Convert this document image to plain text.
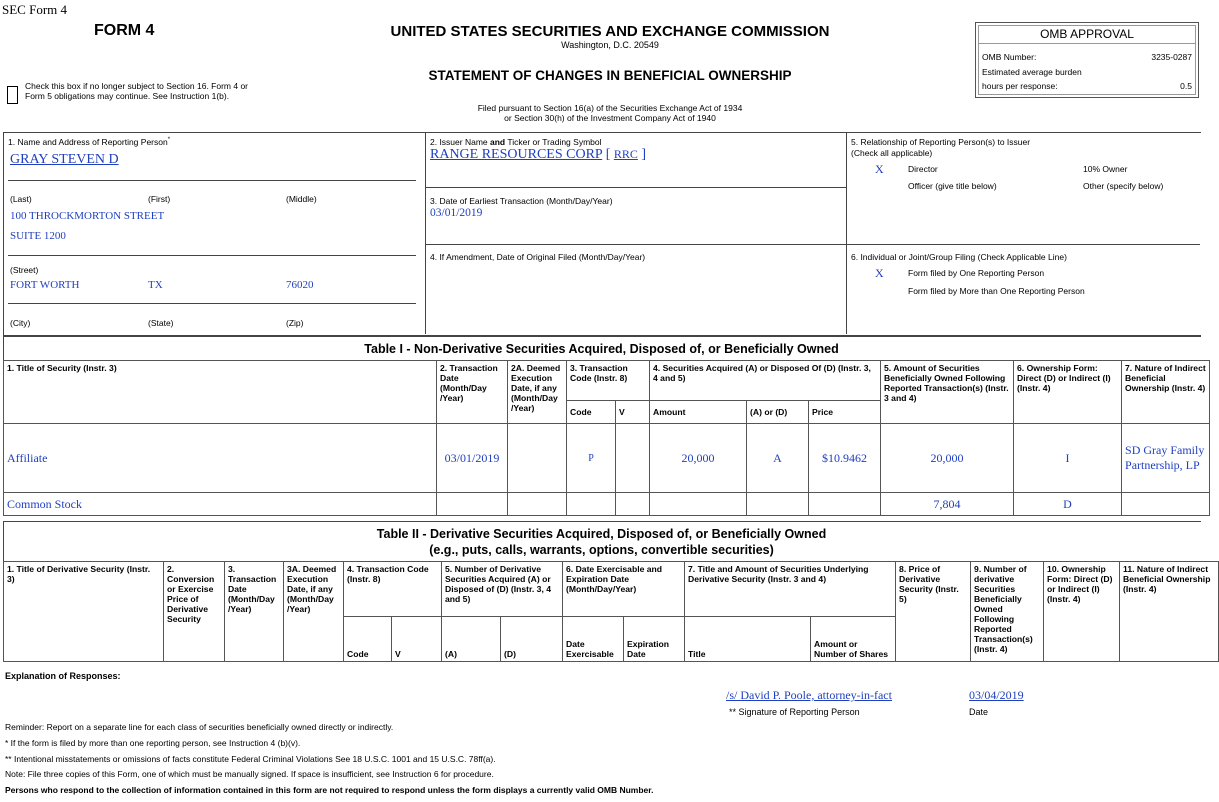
SEC Form 4
FORM 4
Check this box if no longer subject to Section 16. Form 4 or Form 5 obligations may continue. See Instruction 1(b).
UNITED STATES SECURITIES AND EXCHANGE COMMISSION
Washington, D.C. 20549
STATEMENT OF CHANGES IN BENEFICIAL OWNERSHIP
Filed pursuant to Section 16(a) of the Securities Exchange Act of 1934
or Section 30(h) of the Investment Company Act of 1940
OMB APPROVAL
OMB Number:	3235-0287
Estimated average burden
hours per response:	0.5
1. Name and Address of Reporting Person*
GRAY STEVEN D
(Last)	(First)	(Middle)
100 THROCKMORTON STREET
SUITE 1200
(Street)
FORT WORTH	TX	76020
(City)	(State)	(Zip)
2. Issuer Name and Ticker or Trading Symbol
RANGE RESOURCES CORP [ RRC ]
3. Date of Earliest Transaction (Month/Day/Year)
03/01/2019
4. If Amendment, Date of Original Filed (Month/Day/Year)
5. Relationship of Reporting Person(s) to Issuer
(Check all applicable)
X	Director	10% Owner
Officer (give title below)	Other (specify below)
6. Individual or Joint/Group Filing (Check Applicable Line)
X	Form filed by One Reporting Person
Form filed by More than One Reporting Person
Table I - Non-Derivative Securities Acquired, Disposed of, or Beneficially Owned
1. Title of Security (Instr. 3)	2. Transaction Date (Month/Day /Year)	2A. Deemed Execution Date, if any (Month/Day /Year)	3. Transaction Code (Instr. 8)		4. Securities Acquired (A) or Disposed Of (D) (Instr. 3, 4 and 5)			5. Amount of Securities Beneficially Owned Following Reported Transaction(s) (Instr. 3 and 4)	6. Ownership Form: Direct (D) or Indirect (I) (Instr. 4)	7. Nature of Indirect Beneficial Ownership (Instr. 4)
			Code	V	Amount	(A) or (D)	Price			
Affiliate	03/01/2019		P		20,000	A	$10.9462	20,000	I	SD Gray Family Partnership, LP
Common Stock								7,804	D	
Table II - Derivative Securities Acquired, Disposed of, or Beneficially Owned
(e.g., puts, calls, warrants, options, convertible securities)
1. Title of Derivative Security (Instr. 3)	2. Conversion or Exercise Price of Derivative Security	3. Transaction Date (Month/Day /Year)	3A. Deemed Execution Date, if any (Month/Day /Year)	4. Transaction Code (Instr. 8)		5. Number of Derivative Securities Acquired (A) or Disposed of (D) (Instr. 3, 4 and 5)		6. Date Exercisable and Expiration Date (Month/Day/Year)		7. Title and Amount of Securities Underlying Derivative Security (Instr. 3 and 4)		8. Price of Derivative Security (Instr. 5)	9. Number of derivative Securities Beneficially Owned Following Reported Transaction(s) (Instr. 4)	10. Ownership Form: Direct (D) or Indirect (I) (Instr. 4)	11. Nature of Indirect Beneficial Ownership (Instr. 4)
				Code	V	(A)	(D)	Date Exercisable	Expiration Date	Title	Amount or Number of Shares				
Explanation of Responses:
/s/ David P. Poole, attorney-in-fact	03/04/2019
** Signature of Reporting Person	Date
Reminder: Report on a separate line for each class of securities beneficially owned directly or indirectly.
* If the form is filed by more than one reporting person, see Instruction 4 (b)(v).
** Intentional misstatements or omissions of facts constitute Federal Criminal Violations See 18 U.S.C. 1001 and 15 U.S.C. 78ff(a).
Note: File three copies of this Form, one of which must be manually signed. If space is insufficient, see Instruction 6 for procedure.
Persons who respond to the collection of information contained in this form are not required to respond unless the form displays a currently valid OMB Number.
